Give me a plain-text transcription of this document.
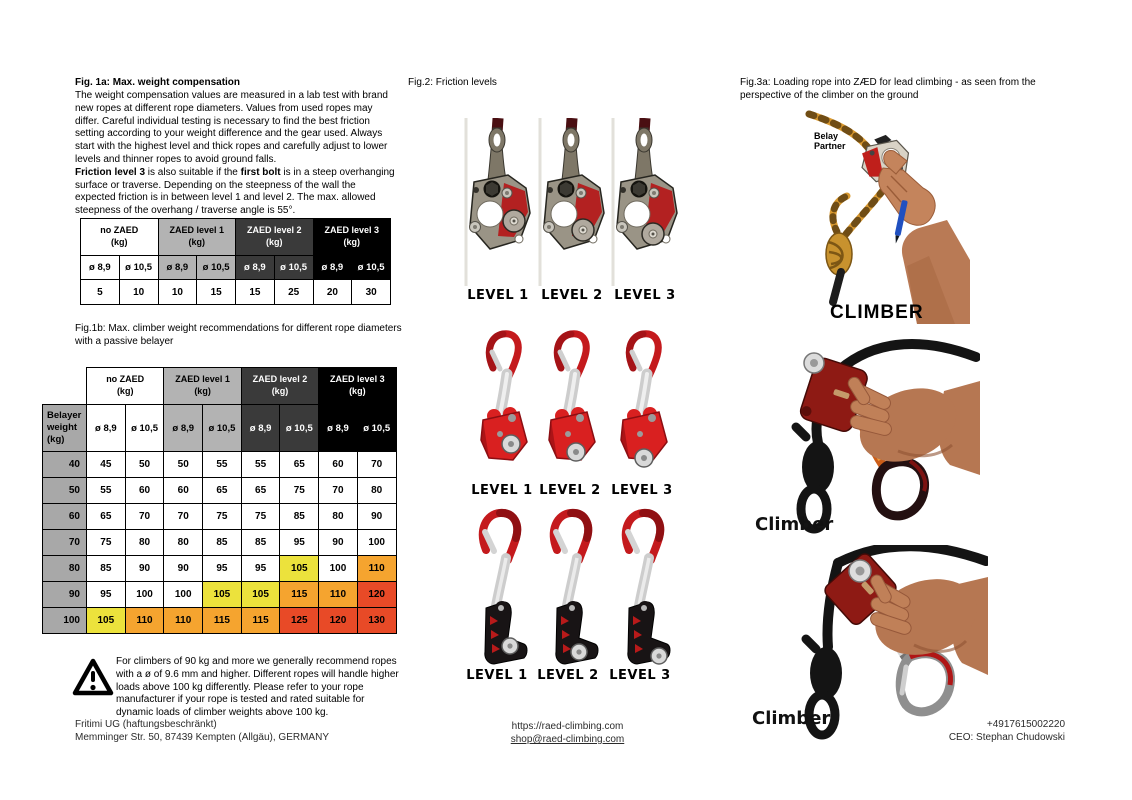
Fig. 1a: Max. weight compensation
The weight compensation values are measured in a lab test with brand new ropes at different rope diameters. Values from used ropes may differ. Careful individual testing is necessary to find the best friction setting according to your weight difference and the gear used. Always start with the highest level and thick ropes and carefully adjust to lower levels and thinner ropes to avoid ground falls.
Friction level 3 is also suitable if the first bolt is in a steep overhanging surface or traverse. Depending on the steepness of the wall the expected friction is in between level 1 and level 2. The max. allowed steepness of the overhang / traverse angle is 55°.
no ZAED
(kg)

ZAED level 1
(kg)

ZAED level 2
(kg)

ZAED level 3
(kg)

ø 8,9	ø 10,5	ø 8,9	ø 10,5	ø 8,9	ø 10,5	ø 8,9	ø 10,5
5	10	10	15	15	25	20	30
Fig.1b: Max. climber weight recommendations for different rope diameters with a passive belayer

no ZAED
(kg)

ZAED level 1
(kg)

ZAED level 2
(kg)

ZAED level 3
(kg)

Belayer weight (kg)	ø 8,9	ø 10,5	ø 8,9	ø 10,5	ø 8,9	ø 10,5	ø 8,9	ø 10,5
40	45	50	50	55	55	65	60	70
50	55	60	60	65	65	75	70	80
60	65	70	70	75	75	85	80	90
70	75	80	80	85	85	95	90	100
80	85	90	90	95	95	105	100	110
90	95	100	100	105	105	115	110	120
100	105	110	110	115	115	125	120	130
For climbers of 90 kg and more we generally recommend ropes with a ø of 9.6 mm and higher. Different ropes will handle higher loads above 100 kg differently. Please refer to your rope manufacturer if your rope is tested and rated suitable for dynamic loads of climber weights above 100 kg.
Fritimi UG (haftungsbeschränkt)
Memminger Str. 50, 87439 Kempten (Allgäu), GERMANY
Fig.2: Friction levels
LEVEL 1 LEVEL 2 LEVEL 3
LEVEL 1 LEVEL 2 LEVEL 3
LEVEL 1 LEVEL 2 LEVEL 3
Fig.3a: Loading rope into ZÆD for lead climbing - as seen from the perspective of the climber on the ground
Belay Partner
CLIMBER
Climber
Climber
https://raed-climbing.com
shop@raed-climbing.com
+4917615002220
CEO: Stephan Chudowski
